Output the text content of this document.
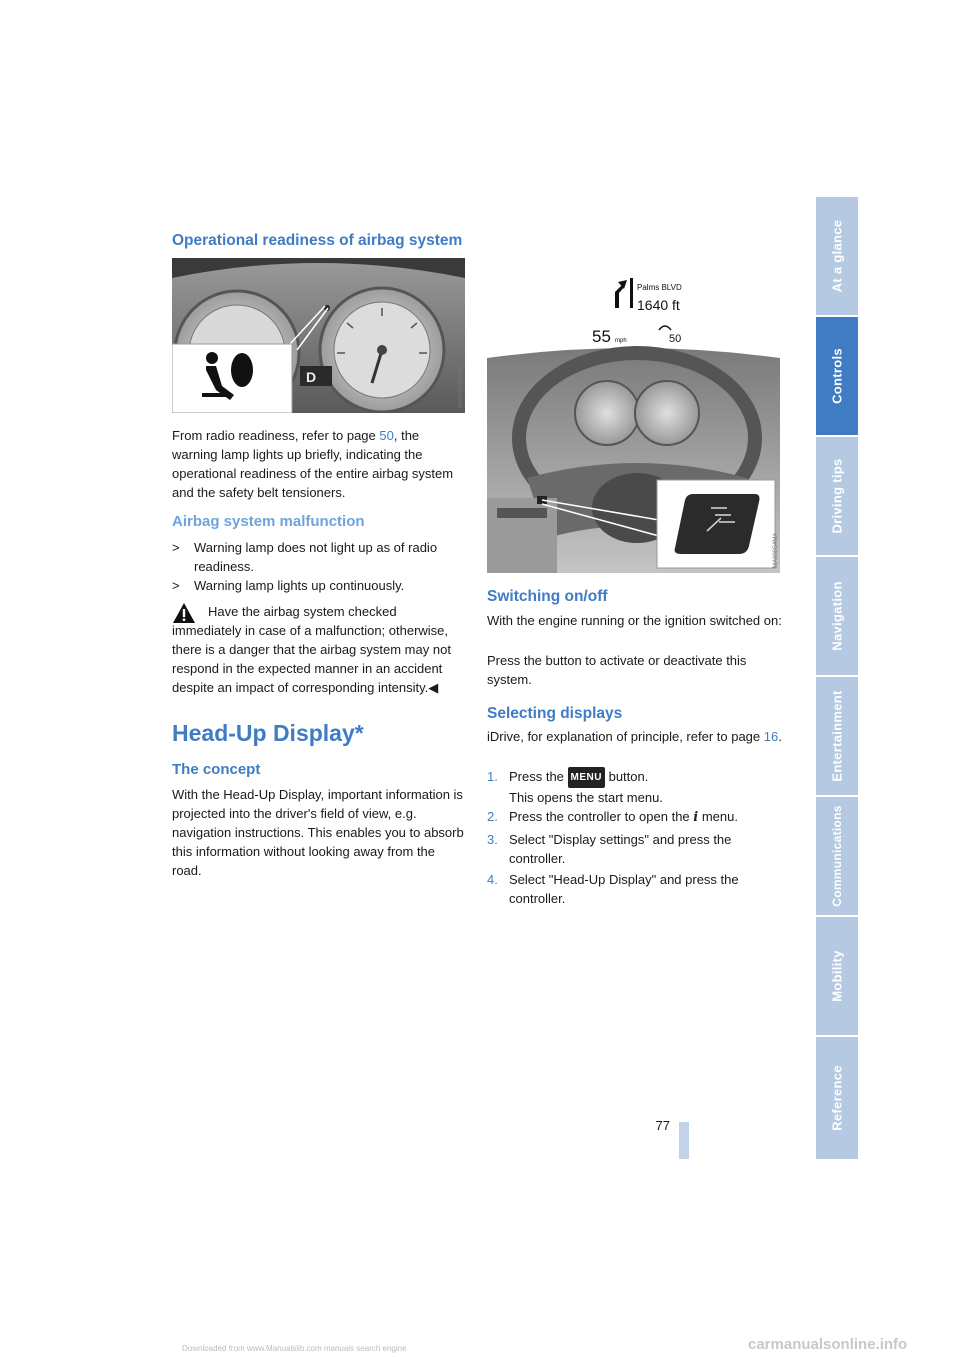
Operational readiness of airbag system
D	MA000168CMA

From radio readiness, refer to page 50, the warning lamp lights up briefly, indicating the operational readiness of the entire airbag system and the safety belt tensioners.

Airbag system malfunction
> Warning lamp does not light up as of radio readiness.
> Warning lamp lights up continuously.

Have the airbag system checked immediately in case of a malfunction; otherwise, there is a danger that the airbag system may not respond in the expected manner in an accident despite an impact of corresponding intensity.◀

Head-Up Display*
The concept

With the Head-Up Display, important information is projected into the driver's field of view, e.g. navigation instructions. This enables you to absorb this information without looking away from the road.

Palms BLVD
1640 ft
55 mph	50
MA000S4MA
Switching on/off

With the engine running or the ignition switched on:

Press the button to activate or deactivate this system.

Selecting displays

iDrive, for explanation of principle, refer to page 16.

1. Press the MENU button.
This opens the start menu.
2. Press the controller to open the i menu.
3. Select "Display settings" and press the controller.
4. Select "Head-Up Display" and press the controller.
At a glance
Controls
Driving tips
Navigation
Entertainment
Communications
Mobility
Reference
77
Downloaded from www.Manualslib.com manuals search engine	carmanualsonline.info
